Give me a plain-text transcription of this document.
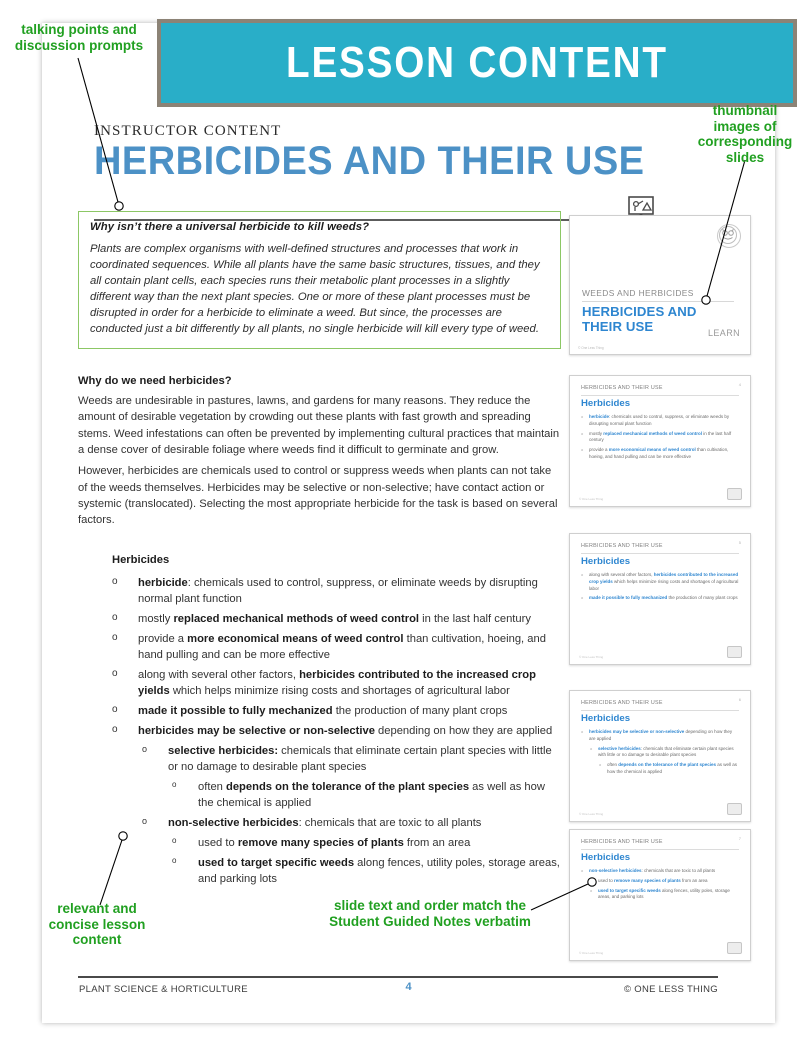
INSTRUCTOR CONTENT
HERBICIDES AND THEIR USE
Why isn’t there a universal herbicide to kill weeds?
Plants are complex organisms with well-defined structures and processes that work in coordinated sequences. While all plants have the same basic structures, tissues, and they all contain plant cells, each species runs their metabolic plant processes in a slightly different way than the next plant species. One or more of these plant processes must be disrupted in order for a herbicide to eliminate a weed. But since, the processes are conducted just a bit differently by all plants, no single herbicide will kill every type of weed.
Why do we need herbicides?
Weeds are undesirable in pastures, lawns, and gardens for many reasons. They reduce the amount of desirable vegetation by crowding out these plants with fast growth and spreading stems. Weed infestations can often be prevented by implementing cultural practices that maintain a dense cover of desirable foliage where weeds find it difficult to germinate and grow.
However, herbicides are chemicals used to control or suppress weeds when plants can not take of the weeds themselves. Herbicides may be selective or non-selective; have contact action or systemic (translocated). Selecting the most appropriate herbicide for the task is based on several factors.
Herbicides
o herbicide: chemicals used to control, suppress, or eliminate weeds by disrupting normal plant function
o mostly replaced mechanical methods of weed control in the last half century
o provide a more economical means of weed control than cultivation, hoeing, and hand pulling and can be more effective
o along with several other factors, herbicides contributed to the increased crop yields which helps minimize rising costs and shortages of agricultural labor
o made it possible to fully mechanized the production of many plant crops
o herbicides may be selective or non-selective depending on how they are applied
o selective herbicides: chemicals that eliminate certain plant species with little or no damage to desirable plant species
o often depends on the tolerance of the plant species as well as how the chemical is applied
o non-selective herbicides: chemicals that are toxic to all plants
o used to remove many species of plants from an area
o used to target specific weeds along fences, utility poles, storage areas, and parking lots
WEEDS AND HERBICIDES
HERBICIDES AND THEIR USE	LEARN
© One Less Thing
4
HERBICIDES AND THEIR USE
Herbicides
o herbicide: chemicals used to control, suppress, or eliminate weeds by disrupting normal plant function
o mostly replaced mechanical methods of weed control in the last half century
o provide a more economical means of weed control than cultivation, hoeing, and hand pulling and can be more effective
© One Less Thing
5
HERBICIDES AND THEIR USE
Herbicides
o along with several other factors, herbicides contributed to the increased crop yields which helps minimize rising costs and shortages of agricultural labor
o made it possible to fully mechanized the production of many plant crops
© One Less Thing
6
HERBICIDES AND THEIR USE
Herbicides
o herbicides may be selective or non-selective depending on how they are applied
o selective herbicides: chemicals that eliminate certain plant species with little or no damage to desirable plant species
o often depends on the tolerance of the plant species as well as how the chemical is applied
© One Less Thing
7
HERBICIDES AND THEIR USE
Herbicides
o non-selective herbicides: chemicals that are toxic to all plants
used to remove many species of plants from an area
o used to target specific weeds along fences, utility poles, storage areas, and parking lots
© One Less Thing
PLANT SCIENCE & HORTICULTURE	4	© ONE LESS THING
LESSON CONTENT
talking points and discussion prompts
thumbnail images of corresponding slides
relevant and concise lesson content
slide text and order match the Student Guided Notes verbatim
